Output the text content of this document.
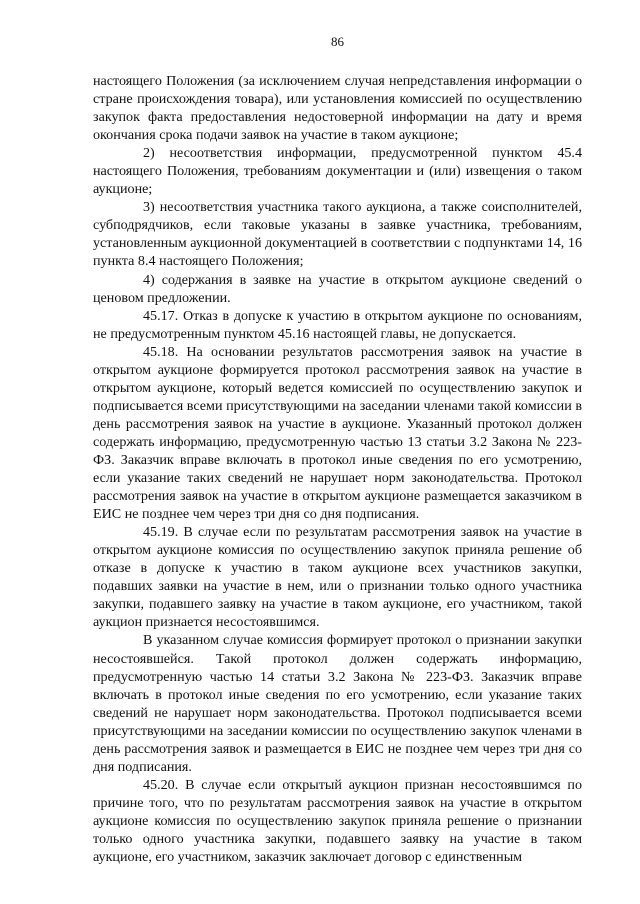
86

настоящего Положения (за исключением случая непредставления информации о стране происхождения товара), или установления комиссией по осуществлению закупок факта предоставления недостоверной информации на дату и время окончания срока подачи заявок на участие в таком аукционе;

2) несоответствия информации, предусмотренной пунктом 45.4 настоящего Положения, требованиям документации и (или) извещения о таком аукционе;

3) несоответствия участника такого аукциона, а также соисполнителей, субподрядчиков, если таковые указаны в заявке участника, требованиям, установленным аукционной документацией в соответствии с подпунктами 14, 16 пункта 8.4 настоящего Положения;

4) содержания в заявке на участие в открытом аукционе сведений о ценовом предложении.

45.17. Отказ в допуске к участию в открытом аукционе по основаниям, не предусмотренным пунктом 45.16 настоящей главы, не допускается.

45.18. На основании результатов рассмотрения заявок на участие в открытом аукционе формируется протокол рассмотрения заявок на участие в открытом аукционе, который ведется комиссией по осуществлению закупок и подписывается всеми присутствующими на заседании членами такой комиссии в день рассмотрения заявок на участие в аукционе. Указанный протокол должен содержать информацию, предусмотренную частью 13 статьи 3.2 Закона № 223-ФЗ. Заказчик вправе включать в протокол иные сведения по его усмотрению, если указание таких сведений не нарушает норм законодательства. Протокол рассмотрения заявок на участие в открытом аукционе размещается заказчиком в ЕИС не позднее чем через три дня со дня подписания.

45.19. В случае если по результатам рассмотрения заявок на участие в открытом аукционе комиссия по осуществлению закупок приняла решение об отказе в допуске к участию в таком аукционе всех участников закупки, подавших заявки на участие в нем, или о признании только одного участника закупки, подавшего заявку на участие в таком аукционе, его участником, такой аукцион признается несостоявшимся.

В указанном случае комиссия формирует протокол о признании закупки несостоявшейся. Такой протокол должен содержать информацию, предусмотренную частью 14 статьи 3.2 Закона № 223-ФЗ. Заказчик вправе включать в протокол иные сведения по его усмотрению, если указание таких сведений не нарушает норм законодательства. Протокол подписывается всеми присутствующими на заседании комиссии по осуществлению закупок членами в день рассмотрения заявок и размещается в ЕИС не позднее чем через три дня со дня подписания.

45.20. В случае если открытый аукцион признан несостоявшимся по причине того, что по результатам рассмотрения заявок на участие в открытом аукционе комиссия по осуществлению закупок приняла решение о признании только одного участника закупки, подавшего заявку на участие в таком аукционе, его участником, заказчик заключает договор с единственным
